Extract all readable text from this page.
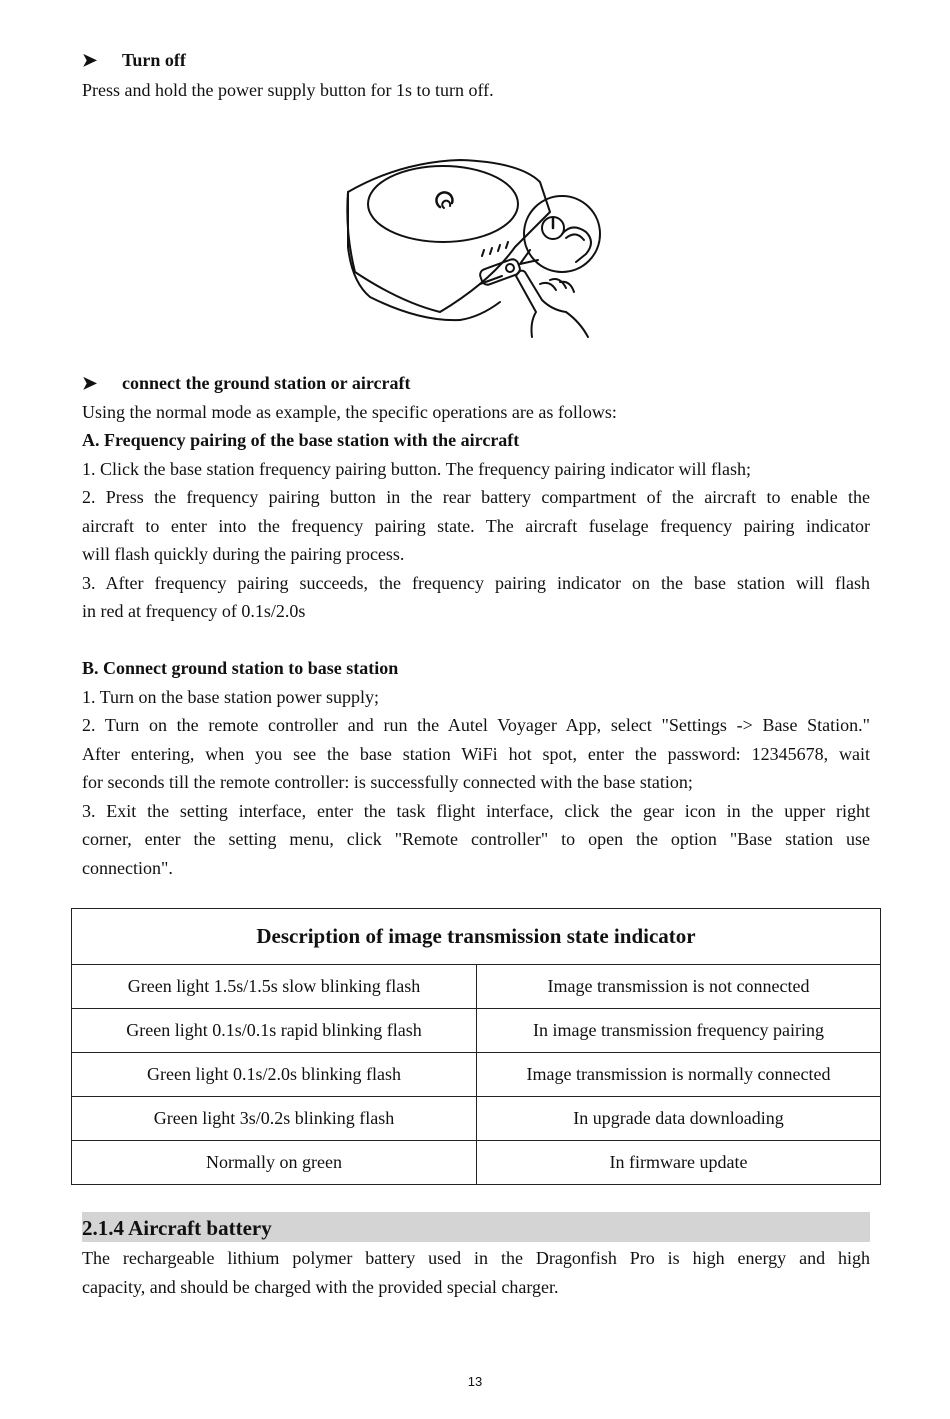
➤ Turn off
Press and hold the power supply button for 1s to turn off.
➤ connect the ground station or aircraft
Using the normal mode as example, the specific operations are as follows:
A. Frequency pairing of the base station with the aircraft
1. Click the base station frequency pairing button. The frequency pairing indicator will flash;
2. Press the frequency pairing button in the rear battery compartment of the aircraft to enable the
aircraft to enter into the frequency pairing state. The aircraft fuselage frequency pairing indicator
will flash quickly during the pairing process.
3. After frequency pairing succeeds, the frequency pairing indicator on the base station will flash
in red at frequency of 0.1s/2.0s
B. Connect ground station to base station
1. Turn on the base station power supply;
2. Turn on the remote controller and run the Autel Voyager App, select "Settings -> Base Station."
After entering, when you see the base station WiFi hot spot, enter the password: 12345678, wait
for seconds till the remote controller: is successfully connected with the base station;
3. Exit the setting interface, enter the task flight interface, click the gear icon in the upper right
corner, enter the setting menu, click "Remote controller" to open the option "Base station use
connection".
Description of image transmission state indicator	
Green light 1.5s/1.5s slow blinking flash	Image transmission is not connected
Green light 0.1s/0.1s rapid blinking flash	In image transmission frequency pairing
Green light 0.1s/2.0s blinking flash	Image transmission is normally connected
Green light 3s/0.2s blinking flash	In upgrade data downloading
Normally on green	In firmware update
2.1.4 Aircraft battery
The rechargeable lithium polymer battery used in the Dragonfish Pro is high energy and high
capacity, and should be charged with the provided special charger.
13
